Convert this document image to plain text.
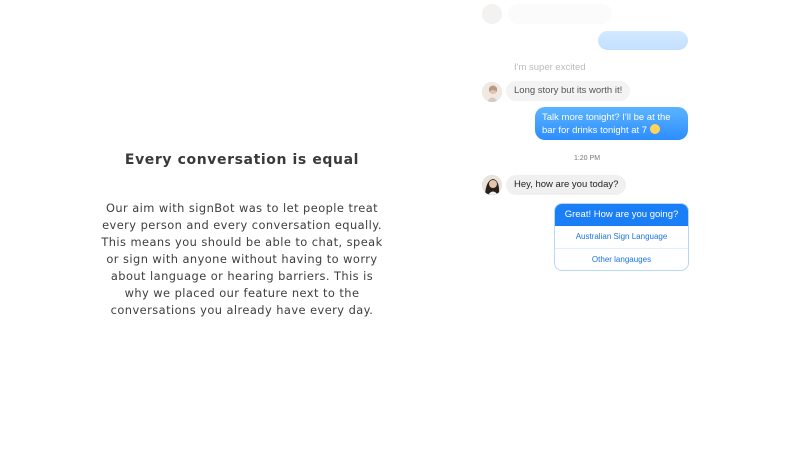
Every conversation is equal
Our aim with signBot was to let people treat every person and every conversation equally. This means you should be able to chat, speak or sign with anyone without having to worry about language or hearing barriers. This is why we placed our feature next to the conversations you already have every day.
I'm super excited
Long story but its worth it!
Talk more tonight? I'll be at the
bar for drinks tonight at 7
1:20 PM
Hey, how are you today?
Great! How are you going?
Australian Sign Language
Other langauges
